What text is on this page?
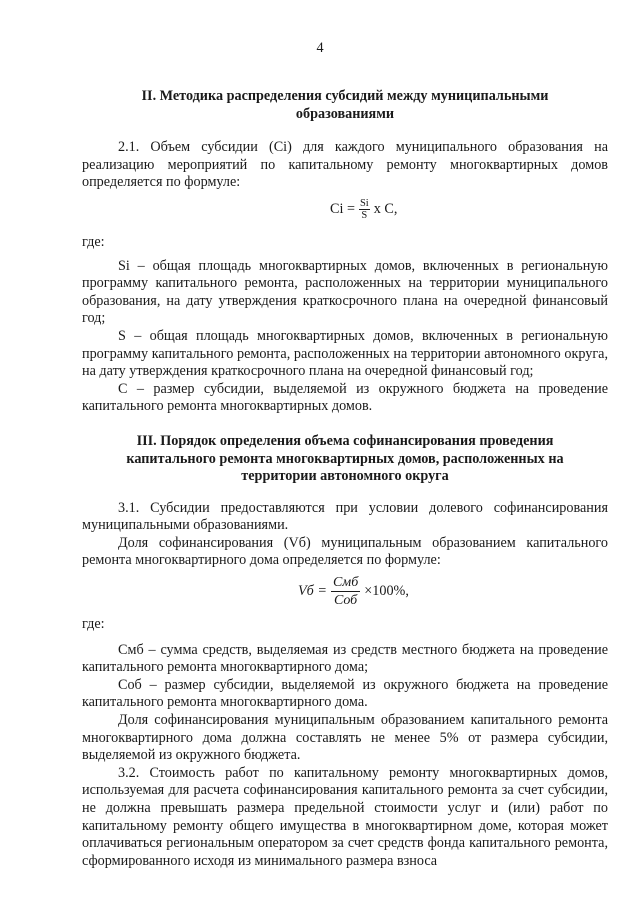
4

II. Методика распределения субсидий между муниципальными образованиями

2.1. Объем субсидии (Ci) для каждого муниципального образования на реализацию мероприятий по капитальному ремонту многоквартирных домов определяется по формуле:

$Ci = \frac{Si}{S}$ x C,

где:

Si – общая площадь многоквартирных домов, включенных в региональную программу капитального ремонта, расположенных на территории муниципального образования, на дату утверждения краткосрочного плана на очередной финансовый год;

S – общая площадь многоквартирных домов, включенных в региональную программу капитального ремонта, расположенных на территории автономного округа, на дату утверждения краткосрочного плана на очередной финансовый год;

С – размер субсидии, выделяемой из окружного бюджета на проведение капитального ремонта многоквартирных домов.

III. Порядок определения объема софинансирования проведения капитального ремонта многоквартирных домов, расположенных на территории автономного округа

3.1. Субсидии предоставляются при условии долевого софинансирования муниципальными образованиями.

Доля софинансирования (Vб) муниципальным образованием капитального ремонта многоквартирного дома определяется по формуле:

Vб = $\frac{\text{Cмб}}{\text{Cоб}} \times 100\%$,

где:

Cмб – сумма средств, выделяемая из средств местного бюджета на проведение капитального ремонта многоквартирного дома;

Cоб – размер субсидии, выделяемой из окружного бюджета на проведение капитального ремонта многоквартирного дома.

Доля софинансирования муниципальным образованием капитального ремонта многоквартирного дома должна составлять не менее 5% от размера субсидии, выделяемой из окружного бюджета.

3.2. Стоимость работ по капитальному ремонту многоквартирных домов, используемая для расчета софинансирования капитального ремонта за счет субсидии, не должна превышать размера предельной стоимости услуг и (или) работ по капитальному ремонту общего имущества в многоквартирном доме, которая может оплачиваться региональным оператором за счет средств фонда капитального ремонта, сформированного исходя из минимального размера взноса
